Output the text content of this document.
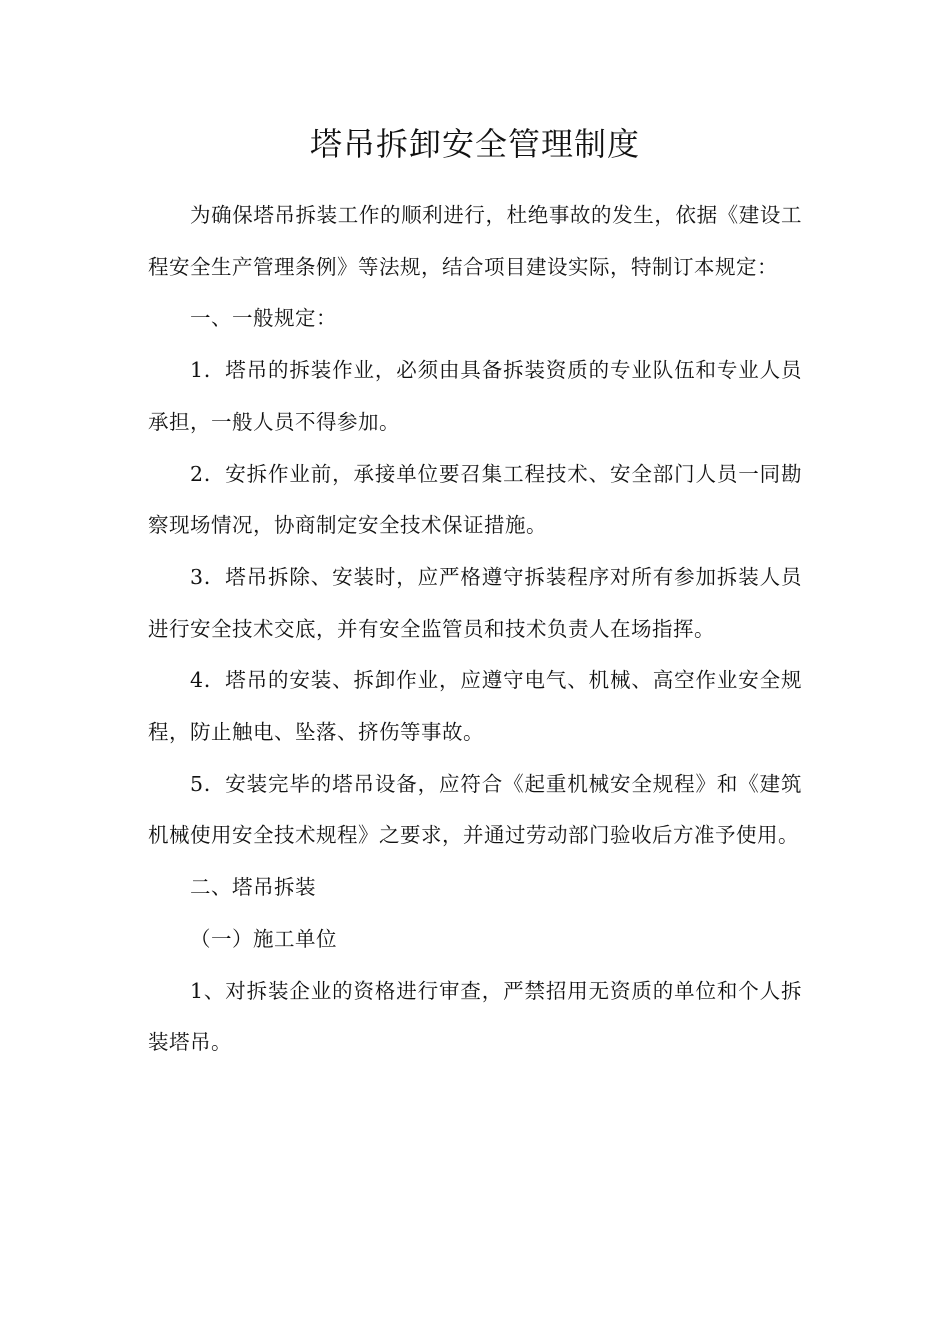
塔吊拆卸安全管理制度

为确保塔吊拆装工作的顺利进行，杜绝事故的发生，依据《建设工程安全生产管理条例》等法规，结合项目建设实际，特制订本规定：

一、一般规定：

1．塔吊的拆装作业，必须由具备拆装资质的专业队伍和专业人员承担，一般人员不得参加。

2．安拆作业前，承接单位要召集工程技术、安全部门人员一同勘察现场情况，协商制定安全技术保证措施。

3．塔吊拆除、安装时，应严格遵守拆装程序对所有参加拆装人员进行安全技术交底，并有安全监管员和技术负责人在场指挥。

4．塔吊的安装、拆卸作业，应遵守电气、机械、高空作业安全规程，防止触电、坠落、挤伤等事故。

5．安装完毕的塔吊设备，应符合《起重机械安全规程》和《建筑机械使用安全技术规程》之要求，并通过劳动部门验收后方准予使用。

二、塔吊拆装

（一）施工单位

1、对拆装企业的资格进行审查，严禁招用无资质的单位和个人拆装塔吊。
